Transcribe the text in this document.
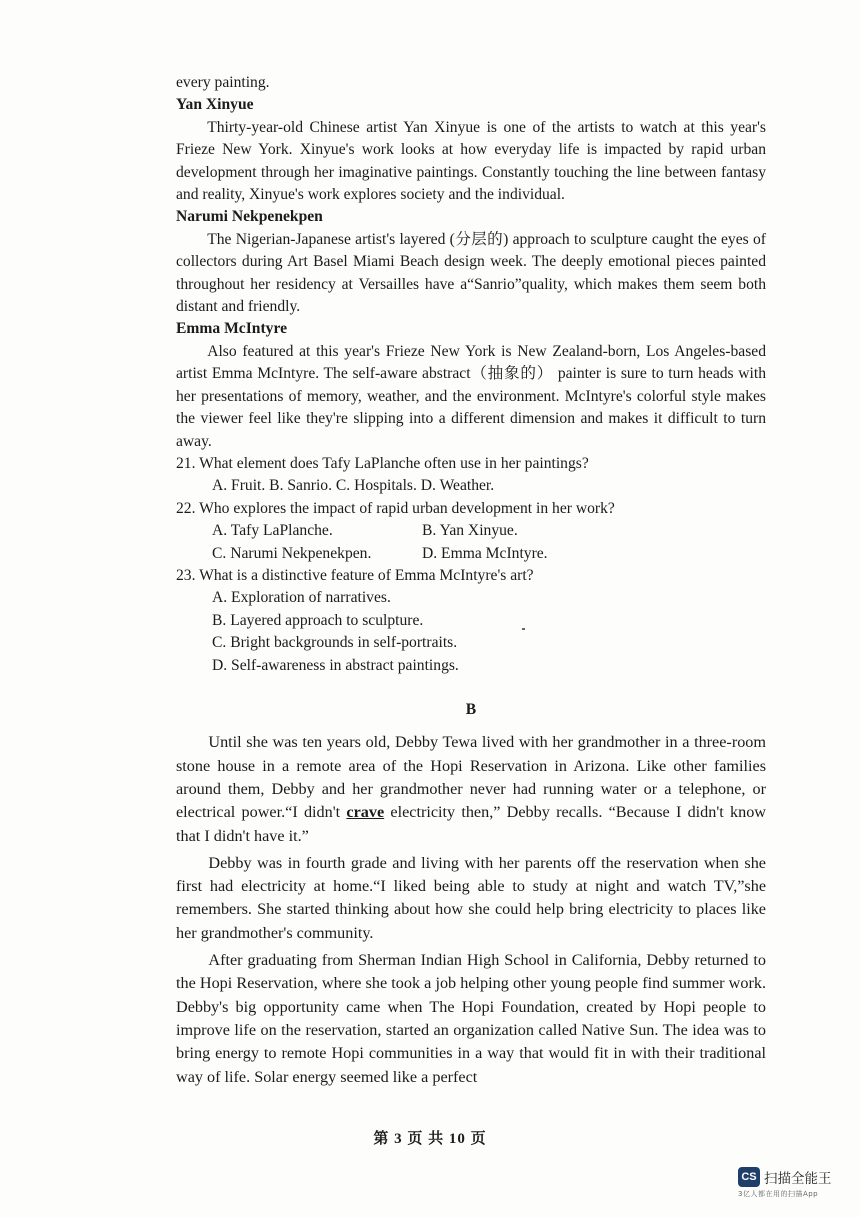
every painting.

Yan Xinyue

Thirty-year-old Chinese artist Yan Xinyue is one of the artists to watch at this year's Frieze New York. Xinyue's work looks at how everyday life is impacted by rapid urban development through her imaginative paintings. Constantly touching the line between fantasy and reality, Xinyue's work explores society and the individual.

Narumi Nekpenekpen

The Nigerian-Japanese artist's layered (分层的) approach to sculpture caught the eyes of collectors during Art Basel Miami Beach design week. The deeply emotional pieces painted throughout her residency at Versailles have a“Sanrio”quality, which makes them seem both distant and friendly.

Emma McIntyre

Also featured at this year's Frieze New York is New Zealand-born, Los Angeles-based artist Emma McIntyre. The self-aware abstract（抽象的） painter is sure to turn heads with her presentations of memory, weather, and the environment. McIntyre's colorful style makes the viewer feel like they're slipping into a different dimension and makes it difficult to turn away.

21. What element does Tafy LaPlanche often use in her paintings?

A. Fruit. B. Sanrio. C. Hospitals. D. Weather.

22. Who explores the impact of rapid urban development in her work?

A. Tafy LaPlanche.	B. Yan Xinyue.
C. Narumi Nekpenekpen.	D. Emma McIntyre.

23. What is a distinctive feature of Emma McIntyre's art?

A. Exploration of narratives.

B. Layered approach to sculpture.

C. Bright backgrounds in self-portraits.

D. Self-awareness in abstract paintings.

B

Until she was ten years old, Debby Tewa lived with her grandmother in a three-room stone house in a remote area of the Hopi Reservation in Arizona. Like other families around them, Debby and her grandmother never had running water or a telephone, or electrical power.“I didn't crave electricity then,” Debby recalls. “Because I didn't know that I didn't have it.”

Debby was in fourth grade and living with her parents off the reservation when she first had electricity at home.“I liked being able to study at night and watch TV,”she remembers. She started thinking about how she could help bring electricity to places like her grandmother's community.

After graduating from Sherman Indian High School in California, Debby returned to the Hopi Reservation, where she took a job helping other young people find summer work. Debby's big opportunity came when The Hopi Foundation, created by Hopi people to improve life on the reservation, started an organization called Native Sun. The idea was to bring energy to remote Hopi communities in a way that would fit in with their traditional way of life. Solar energy seemed like a perfect

第 3 页 共 10 页
CS 扫描全能王
3亿人都在用的扫描App
